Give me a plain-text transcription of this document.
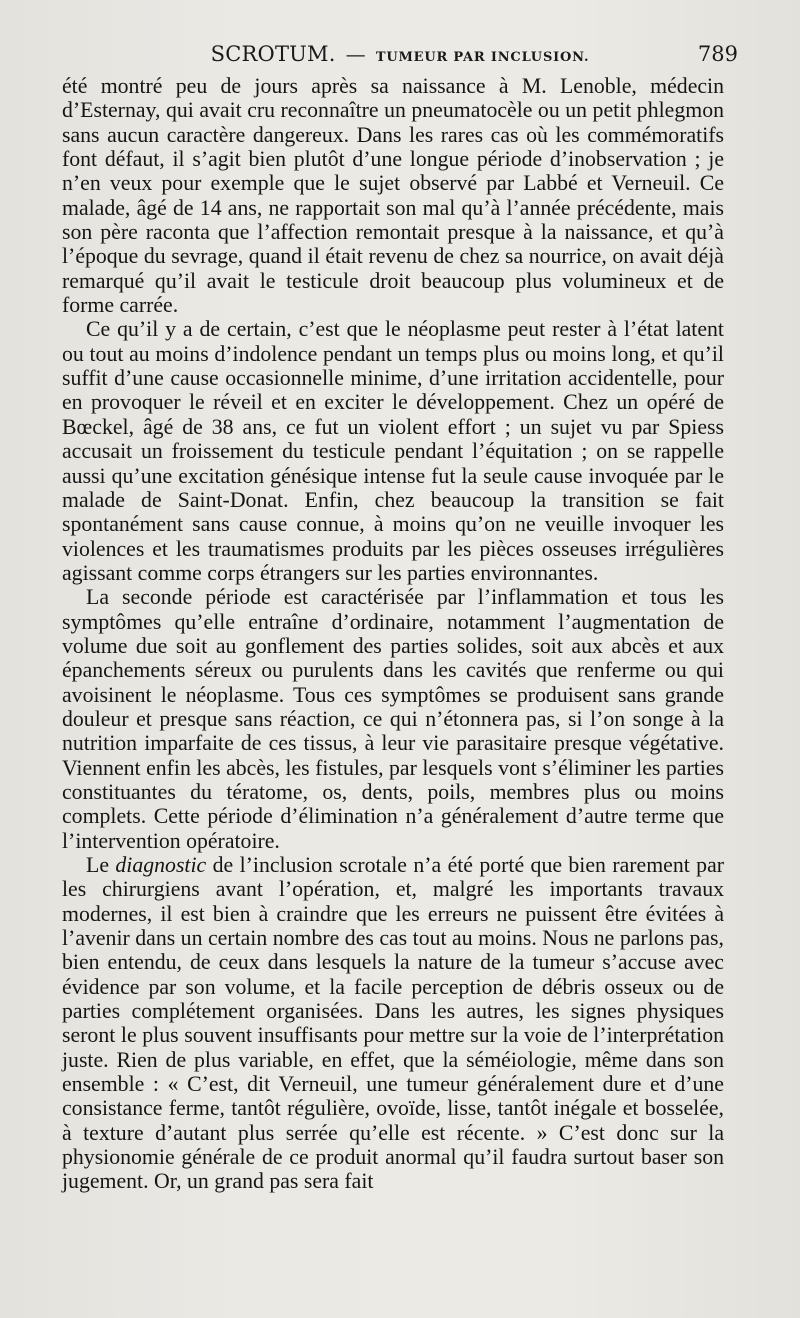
SCROTUM. — TUMEUR PAR INCLUSION.	789

été montré peu de jours après sa naissance à M. Lenoble, médecin d’Esternay, qui avait cru reconnaître un pneumatocèle ou un petit phlegmon sans aucun caractère dangereux. Dans les rares cas où les commémoratifs font défaut, il s’agit bien plutôt d’une longue période d’inobservation ; je n’en veux pour exemple que le sujet observé par Labbé et Verneuil. Ce malade, âgé de 14 ans, ne rapportait son mal qu’à l’année précédente, mais son père raconta que l’affection remontait presque à la naissance, et qu’à l’époque du sevrage, quand il était revenu de chez sa nourrice, on avait déjà remarqué qu’il avait le testicule droit beaucoup plus volumineux et de forme carrée.

Ce qu’il y a de certain, c’est que le néoplasme peut rester à l’état latent ou tout au moins d’indolence pendant un temps plus ou moins long, et qu’il suffit d’une cause occasionnelle minime, d’une irritation accidentelle, pour en provoquer le réveil et en exciter le développement. Chez un opéré de Bœckel, âgé de 38 ans, ce fut un violent effort ; un sujet vu par Spiess accusait un froissement du testicule pendant l’équitation ; on se rappelle aussi qu’une excitation génésique intense fut la seule cause invoquée par le malade de Saint-Donat. Enfin, chez beaucoup la transition se fait spontanément sans cause connue, à moins qu’on ne veuille invoquer les violences et les traumatismes produits par les pièces osseuses irrégulières agissant comme corps étrangers sur les parties environnantes.

La seconde période est caractérisée par l’inflammation et tous les symptômes qu’elle entraîne d’ordinaire, notamment l’augmentation de volume due soit au gonflement des parties solides, soit aux abcès et aux épanchements séreux ou purulents dans les cavités que renferme ou qui avoisinent le néoplasme. Tous ces symptômes se produisent sans grande douleur et presque sans réaction, ce qui n’étonnera pas, si l’on songe à la nutrition imparfaite de ces tissus, à leur vie parasitaire presque végétative. Viennent enfin les abcès, les fistules, par lesquels vont s’éliminer les parties constituantes du tératome, os, dents, poils, membres plus ou moins complets. Cette période d’élimination n’a généralement d’autre terme que l’intervention opératoire.

Le diagnostic de l’inclusion scrotale n’a été porté que bien rarement par les chirurgiens avant l’opération, et, malgré les importants travaux modernes, il est bien à craindre que les erreurs ne puissent être évitées à l’avenir dans un certain nombre des cas tout au moins. Nous ne parlons pas, bien entendu, de ceux dans lesquels la nature de la tumeur s’accuse avec évidence par son volume, et la facile perception de débris osseux ou de parties complétement organisées. Dans les autres, les signes physiques seront le plus souvent insuffisants pour mettre sur la voie de l’interprétation juste. Rien de plus variable, en effet, que la séméiologie, même dans son ensemble : « C’est, dit Verneuil, une tumeur généralement dure et d’une consistance ferme, tantôt régulière, ovoïde, lisse, tantôt inégale et bosselée, à texture d’autant plus serrée qu’elle est récente. » C’est donc sur la physionomie générale de ce produit anormal qu’il faudra surtout baser son jugement. Or, un grand pas sera fait
